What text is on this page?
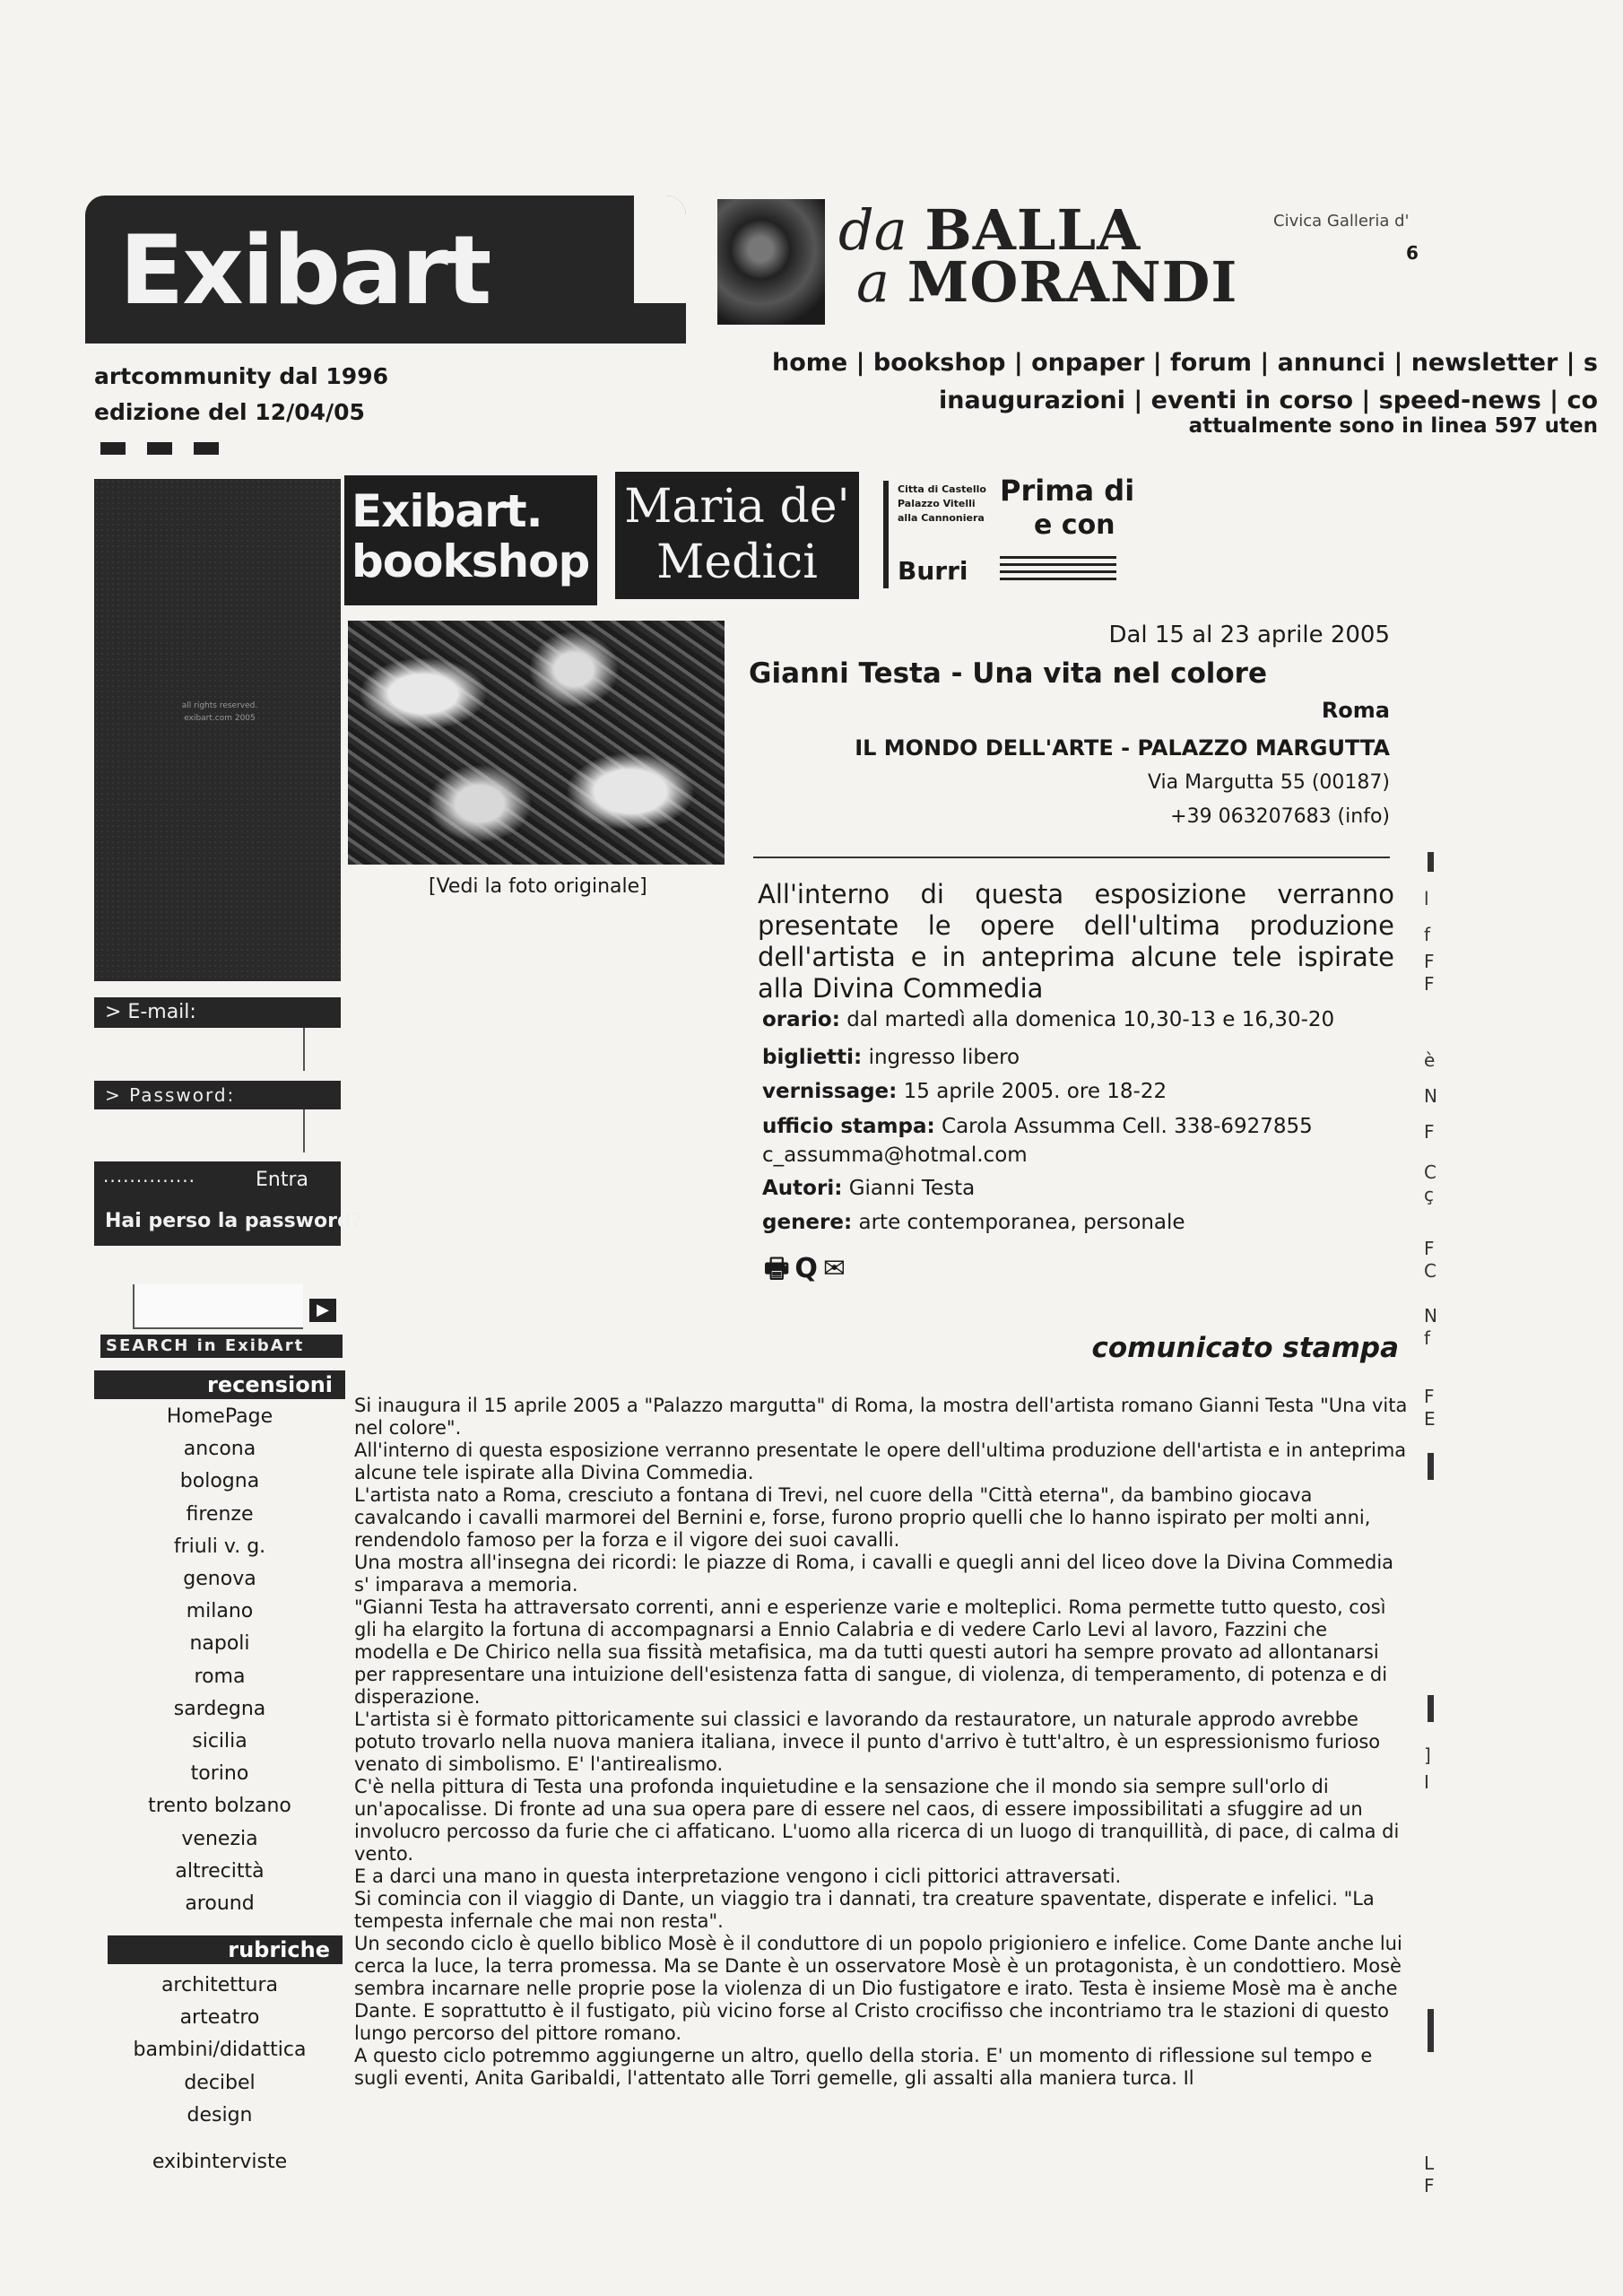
Exibart	da BALLA
a MORANDI
Civica Galleria d'
6
artcommunity dal 1996
edizione del 12/04/05
home | bookshop | onpaper | forum | annunci | newsletter | s
inaugurazioni | eventi in corso | speed-news | co
attualmente sono in linea 597 uten
all rights reserved. exibart.com 2005
> E-mail:
> Password:
··············	Entra
Hai perso la password?
▶
SEARCH in ExibArt
recensioni
HomePage
ancona
bologna
firenze
friuli v. g.
genova
milano
napoli
roma
sardegna
sicilia
torino
trento bolzano
venezia
altrecittà
around
rubriche
architettura
arteatro
bambini/didattica
decibel
design
exibinterviste
Exibart.
bookshop
Maria de'
Medici
Citta di Castello Palazzo Vitelli alla Cannoniera
Prima di
e con
Burri
[Vedi la foto originale]
Dal 15 al 23 aprile 2005
Gianni Testa - Una vita nel colore
Roma
IL MONDO DELL'ARTE - PALAZZO MARGUTTA
Via Margutta 55 (00187)
+39 063207683 (info)
All'interno di questa esposizione verranno presentate le opere dell'ultima produzione dell'artista e in anteprima alcune tele ispirate alla Divina Commedia
orario: dal martedì alla domenica 10,30-13 e 16,30-20
biglietti: ingresso libero
vernissage: 15 aprile 2005. ore 18-22
ufficio stampa: Carola Assumma Cell. 338-6927855
c_assumma@hotmal.com
Autori: Gianni Testa
genere: arte contemporanea, personale
🖶 Q ✉
comunicato stampa

Si inaugura il 15 aprile 2005 a "Palazzo margutta" di Roma, la mostra dell'artista romano Gianni Testa "Una vita nel colore".

All'interno di questa esposizione verranno presentate le opere dell'ultima produzione dell'artista e in anteprima alcune tele ispirate alla Divina Commedia.

L'artista nato a Roma, cresciuto a fontana di Trevi, nel cuore della "Città eterna", da bambino giocava cavalcando i cavalli marmorei del Bernini e, forse, furono proprio quelli che lo hanno ispirato per molti anni, rendendolo famoso per la forza e il vigore dei suoi cavalli.

Una mostra all'insegna dei ricordi: le piazze di Roma, i cavalli e quegli anni del liceo dove la Divina Commedia s' imparava a memoria.

"Gianni Testa ha attraversato correnti, anni e esperienze varie e molteplici. Roma permette tutto questo, così gli ha elargito la fortuna di accompagnarsi a Ennio Calabria e di vedere Carlo Levi al lavoro, Fazzini che modella e De Chirico nella sua fissità metafisica, ma da tutti questi autori ha sempre provato ad allontanarsi per rappresentare una intuizione dell'esistenza fatta di sangue, di violenza, di temperamento, di potenza e di disperazione.

L'artista si è formato pittoricamente sui classici e lavorando da restauratore, un naturale approdo avrebbe potuto trovarlo nella nuova maniera italiana, invece il punto d'arrivo è tutt'altro, è un espressionismo furioso venato di simbolismo. E' l'antirealismo.

C'è nella pittura di Testa una profonda inquietudine e la sensazione che il mondo sia sempre sull'orlo di un'apocalisse. Di fronte ad una sua opera pare di essere nel caos, di essere impossibilitati a sfuggire ad un involucro percosso da furie che ci affaticano. L'uomo alla ricerca di un luogo di tranquillità, di pace, di calma di vento.

E a darci una mano in questa interpretazione vengono i cicli pittorici attraversati.

Si comincia con il viaggio di Dante, un viaggio tra i dannati, tra creature spaventate, disperate e infelici. "La tempesta infernale che mai non resta".

Un secondo ciclo è quello biblico Mosè è il conduttore di un popolo prigioniero e infelice. Come Dante anche lui cerca la luce, la terra promessa. Ma se Dante è un osservatore Mosè è un protagonista, è un condottiero. Mosè sembra incarnare nelle proprie pose la violenza di un Dio fustigatore e irato. Testa è insieme Mosè ma è anche Dante. E soprattutto è il fustigato, più vicino forse al Cristo crocifisso che incontriamo tra le stazioni di questo lungo percorso del pittore romano.

A questo ciclo potremmo aggiungerne un altro, quello della storia. E' un momento di riflessione sul tempo e sugli eventi, Anita Garibaldi, l'attentato alle Torri gemelle, gli assalti alla maniera turca. Il

l
f
F
F
è
N
F
C
ç
F
C
N
f
F
E
]
I
L
F
